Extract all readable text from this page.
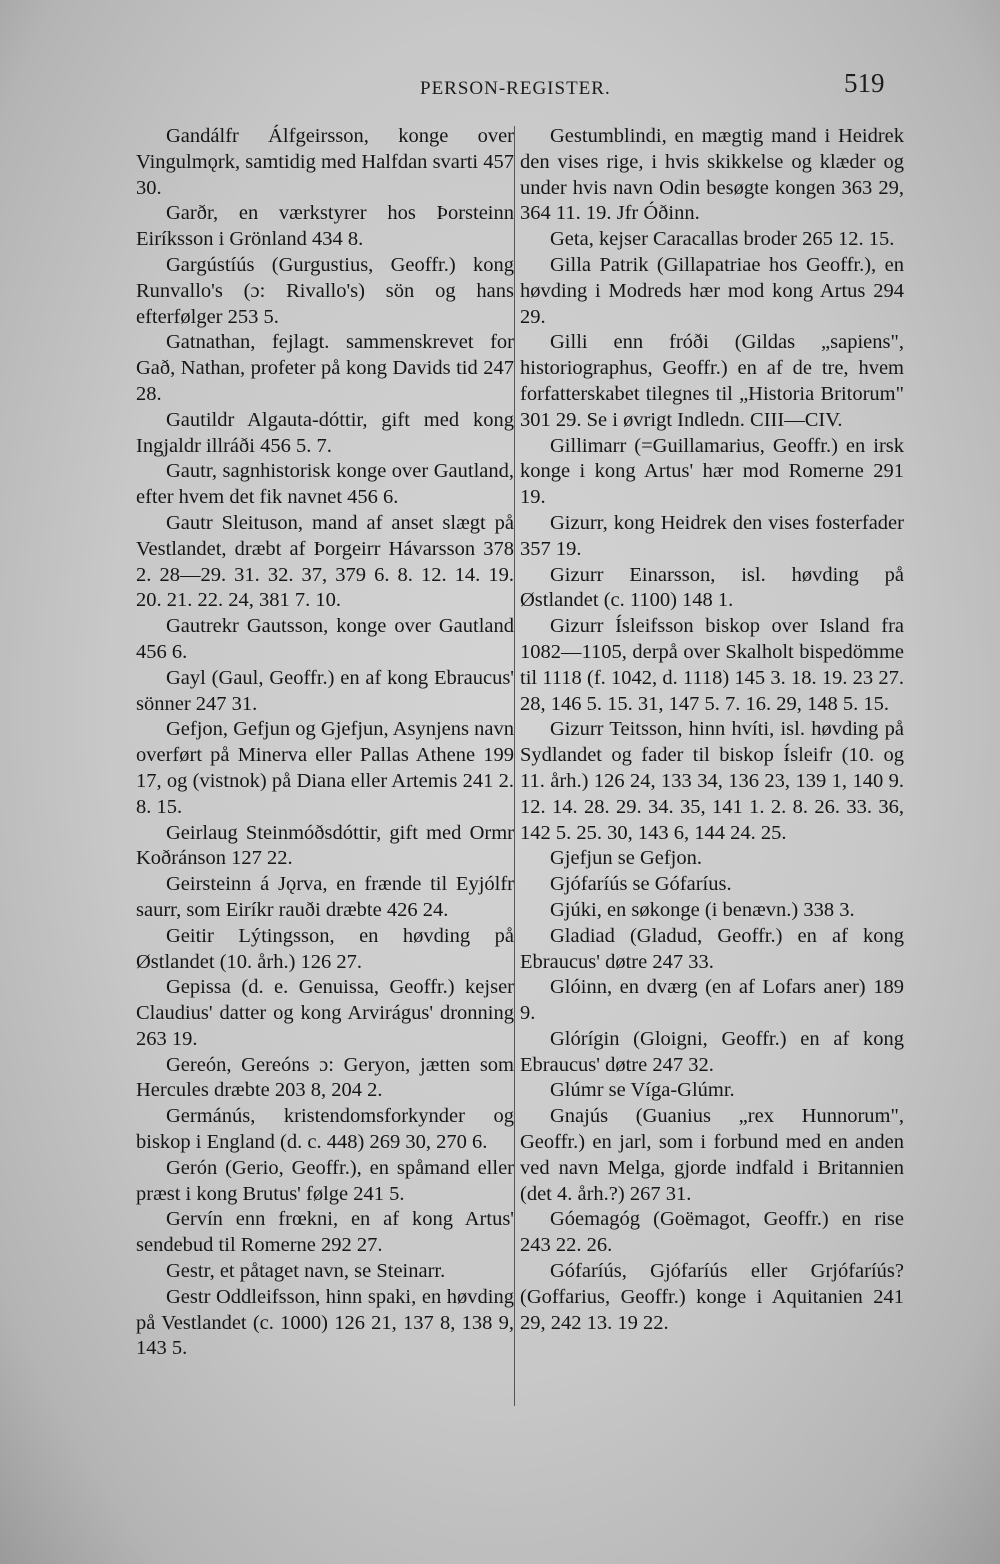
PERSON-REGISTER.	519

Gandálfr Álfgeirsson, konge over Vingulmǫrk, samtidig med Halfdan svarti 457 30.

Garðr, en værkstyrer hos Þorsteinn Eiríksson i Grönland 434 8.

Gargústíús (Gurgustius, Geoffr.) kong Runvallo's (ɔ: Rivallo's) sön og hans efterfølger 253 5.

Gatnathan, fejlagt. sammenskrevet for Gað, Nathan, profeter på kong Davids tid 247 28.

Gautildr Algauta-dóttir, gift med kong Ingjaldr illráði 456 5. 7.

Gautr, sagnhistorisk konge over Gautland, efter hvem det fik navnet 456 6.

Gautr Sleituson, mand af anset slægt på Vestlandet, dræbt af Þorgeirr Hávarsson 378 2. 28—29. 31. 32. 37, 379 6. 8. 12. 14. 19. 20. 21. 22. 24, 381 7. 10.

Gautrekr Gautsson, konge over Gautland 456 6.

Gayl (Gaul, Geoffr.) en af kong Ebraucus' sönner 247 31.

Gefjon, Gefjun og Gjefjun, Asynjens navn overført på Minerva eller Pallas Athene 199 17, og (vistnok) på Diana eller Artemis 241 2. 8. 15.

Geirlaug Steinmóðsdóttir, gift med Ormr Koðránson 127 22.

Geirsteinn á Jǫrva, en frænde til Eyjólfr saurr, som Eiríkr rauði dræbte 426 24.

Geitir Lýtingsson, en høvding på Østlandet (10. årh.) 126 27.

Gepissa (d. e. Genuissa, Geoffr.) kejser Claudius' datter og kong Arvirágus' dronning 263 19.

Gereón, Gereóns ɔ: Geryon, jætten som Hercules dræbte 203 8, 204 2.

Germánús, kristendomsforkynder og biskop i England (d. c. 448) 269 30, 270 6.

Gerón (Gerio, Geoffr.), en spåmand eller præst i kong Brutus' følge 241 5.

Gervín enn frœkni, en af kong Artus' sendebud til Romerne 292 27.

Gestr, et påtaget navn, se Steinarr.

Gestr Oddleifsson, hinn spaki, en høvding på Vestlandet (c. 1000) 126 21, 137 8, 138 9, 143 5.

Gestumblindi, en mægtig mand i Heidrek den vises rige, i hvis skikkelse og klæder og under hvis navn Odin besøgte kongen 363 29, 364 11. 19. Jfr Óðinn.

Geta, kejser Caracallas broder 265 12. 15.

Gilla Patrik (Gillapatriae hos Geoffr.), en høvding i Modreds hær mod kong Artus 294 29.

Gilli enn fróði (Gildas „sapiens", historiographus, Geoffr.) en af de tre, hvem forfatterskabet tilegnes til „Historia Britorum" 301 29. Se i øvrigt Indledn. CIII—CIV.

Gillimarr (=Guillamarius, Geoffr.) en irsk konge i kong Artus' hær mod Romerne 291 19.

Gizurr, kong Heidrek den vises fosterfader 357 19.

Gizurr Einarsson, isl. høvding på Østlandet (c. 1100) 148 1.

Gizurr Ísleifsson biskop over Island fra 1082—1105, derpå over Skalholt bispedömme til 1118 (f. 1042, d. 1118) 145 3. 18. 19. 23 27. 28, 146 5. 15. 31, 147 5. 7. 16. 29, 148 5. 15.

Gizurr Teitsson, hinn hvíti, isl. høvding på Sydlandet og fader til biskop Ísleifr (10. og 11. årh.) 126 24, 133 34, 136 23, 139 1, 140 9. 12. 14. 28. 29. 34. 35, 141 1. 2. 8. 26. 33. 36, 142 5. 25. 30, 143 6, 144 24. 25.

Gjefjun se Gefjon.

Gjófaríús se Gófaríus.

Gjúki, en søkonge (i benævn.) 338 3.

Gladiad (Gladud, Geoffr.) en af kong Ebraucus' døtre 247 33.

Glóinn, en dværg (en af Lofars aner) 189 9.

Glórígin (Gloigni, Geoffr.) en af kong Ebraucus' døtre 247 32.

Glúmr se Víga-Glúmr.

Gnajús (Guanius „rex Hunnorum", Geoffr.) en jarl, som i forbund med en anden ved navn Melga, gjorde indfald i Britannien (det 4. årh.?) 267 31.

Góemagóg (Goëmagot, Geoffr.) en rise 243 22. 26.

Gófaríús, Gjófaríús eller Grjófaríús? (Goffarius, Geoffr.) konge i Aquitanien 241 29, 242 13. 19 22.
